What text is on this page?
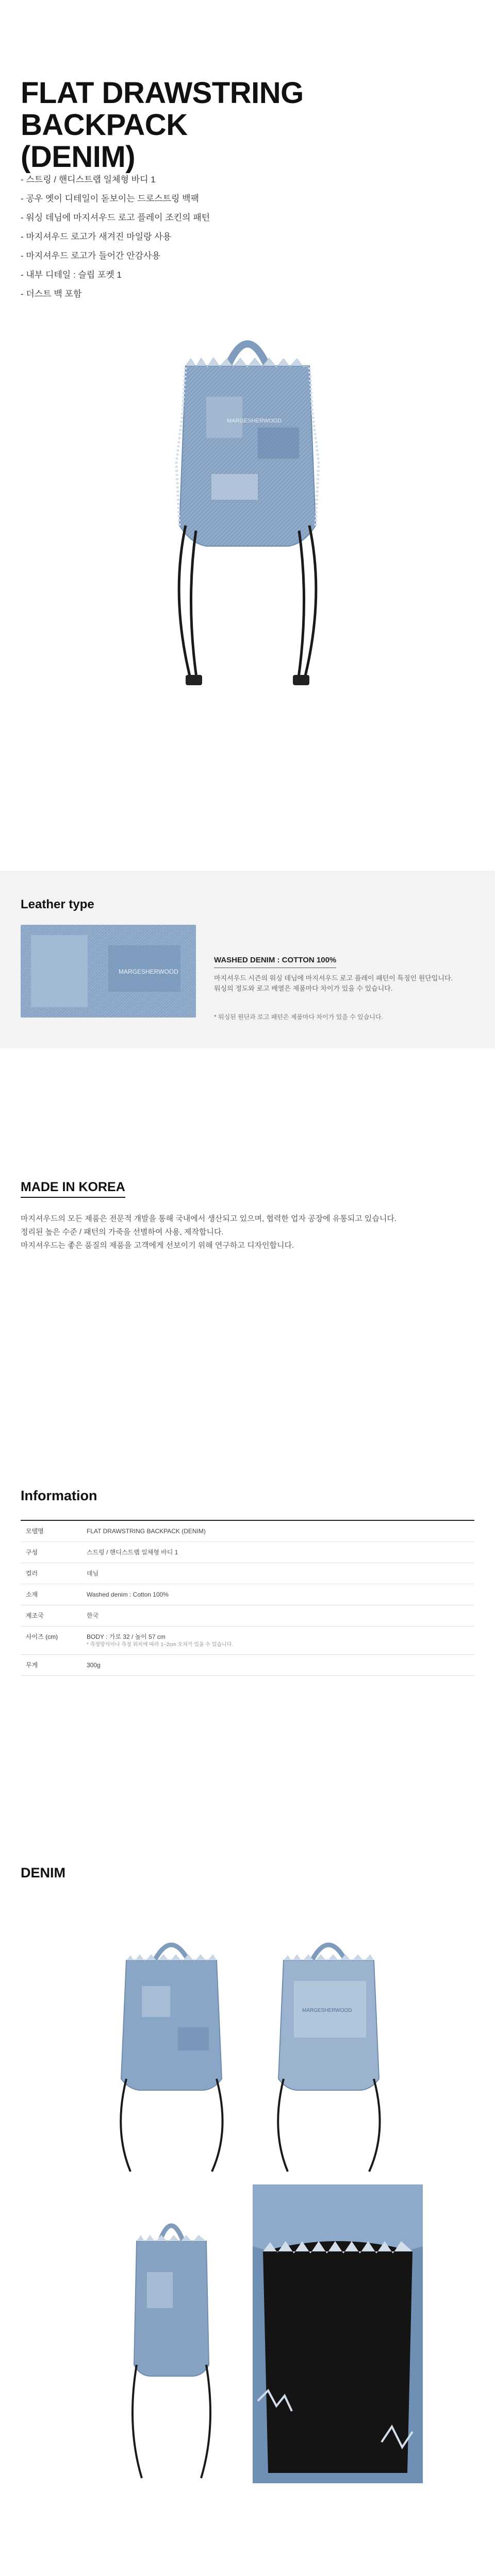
FLAT DRAWSTRING BACKPACK
(DENIM)
- 스트링 / 핸디스트랩 일체형 바디 1
- 공우 옛이 디테일이 돋보이는 드로스트링 백팩
- 워싱 데님에 마지셔우드 로고 플레이 조킨의 패턴
- 마지셔우드 로고가 새겨진 마일랑 사용
- 마지셔우드 로고가 들어간 안감사용
- 내부 디테일 : 슬립 포켓 1
- 더스트 백 포함
MARGESHERWOOD
Leather type
MARGESHERWOOD
WASHED DENIM : COTTON 100%
마지셔우드 시즌의 워싱 데님에 마지셔우드 로고 플레이 패턴이 특징인 원단입니다. 워싱의 정도와 로고 배열은 제품마다 차이가 있을 수 있습니다.
* 워싱된 원단과 로고 패턴은 제품마다 차이가 있을 수 있습니다.
MADE IN KOREA
마지셔우드의 모든 제품은 전문적 개발을 통해 국내에서 생산되고 있으며, 협력한 업자 공장에 유통되고 있습니다.
정리된 높은 수준 / 패턴의 가죽을 선별하여 사용, 제작합니다.
마지셔우드는 좋은 품질의 제품을 고객에게 선보이기 위해 연구하고 디자인합니다.
Information
모델명	FLAT DRAWSTRING BACKPACK (DENIM)
구성	스트링 / 핸디스트랩 일체형 바디 1
컬러	데님
소재	Washed denim : Cotton 100%
제조국	한국
사이즈 (cm)	BODY : 가로 32 / 높이 57 cm
* 측정방식이나 측정 위치에 따라 1~2cm 오차가 있을 수 있습니다.

무게	300g
DENIM
MARGESHERWOOD
